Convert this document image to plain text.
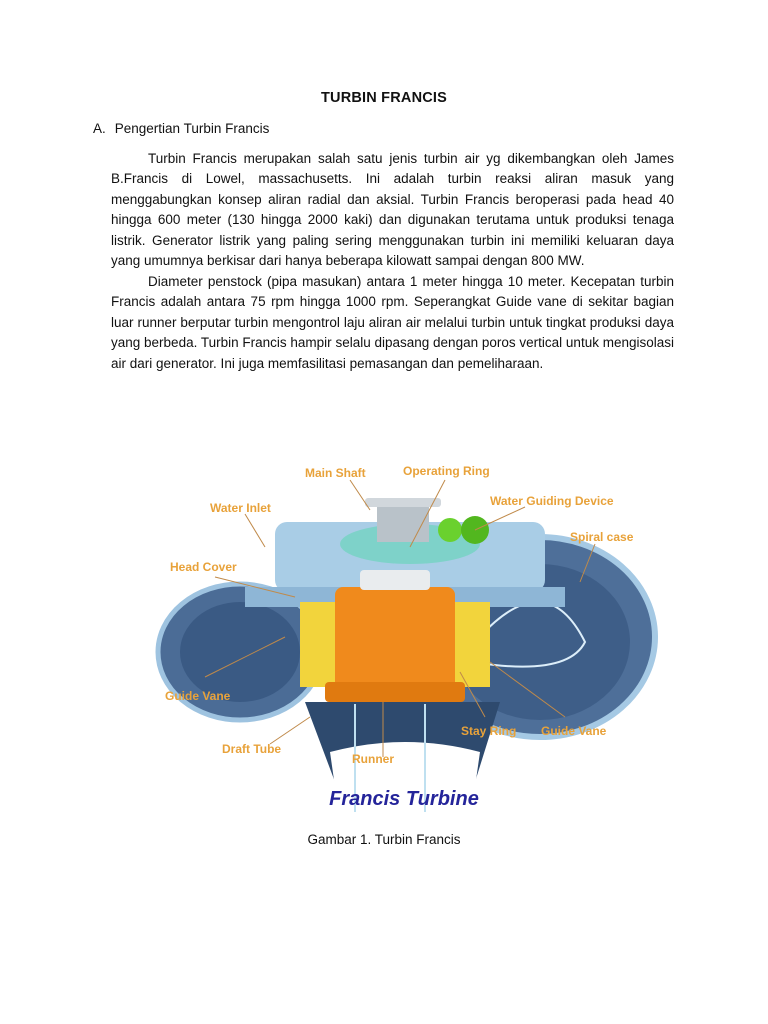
TURBIN FRANCIS
A. Pengertian Turbin Francis

Turbin Francis merupakan salah satu jenis turbin air yg dikembangkan oleh James B.Francis di Lowel, massachusetts. Ini adalah turbin reaksi aliran masuk yang menggabungkan konsep aliran radial dan aksial. Turbin Francis beroperasi pada head 40 hingga 600 meter (130 hingga 2000 kaki) dan digunakan terutama untuk produksi tenaga listrik. Generator listrik yang paling sering menggunakan turbin ini memiliki keluaran daya yang umumnya berkisar dari hanya beberapa kilowatt sampai dengan 800 MW.

Diameter penstock (pipa masukan) antara 1 meter hingga 10 meter. Kecepatan turbin Francis adalah antara 75 rpm hingga 1000 rpm. Seperangkat Guide vane di sekitar bagian luar runner berputar turbin mengontrol laju aliran air melalui turbin untuk tingkat produksi daya yang berbeda. Turbin Francis hampir selalu dipasang dengan poros vertical untuk mengisolasi air dari generator. Ini juga memfasilitasi pemasangan dan pemeliharaan.

Main Shaft	Operating Ring
Water Inlet	Water Guiding Device
Spiral case
Head Cover
Guide Vane
Draft Tube
Runner
Stay Ring Guide Vane
Francis Turbine
Gambar 1. Turbin Francis
